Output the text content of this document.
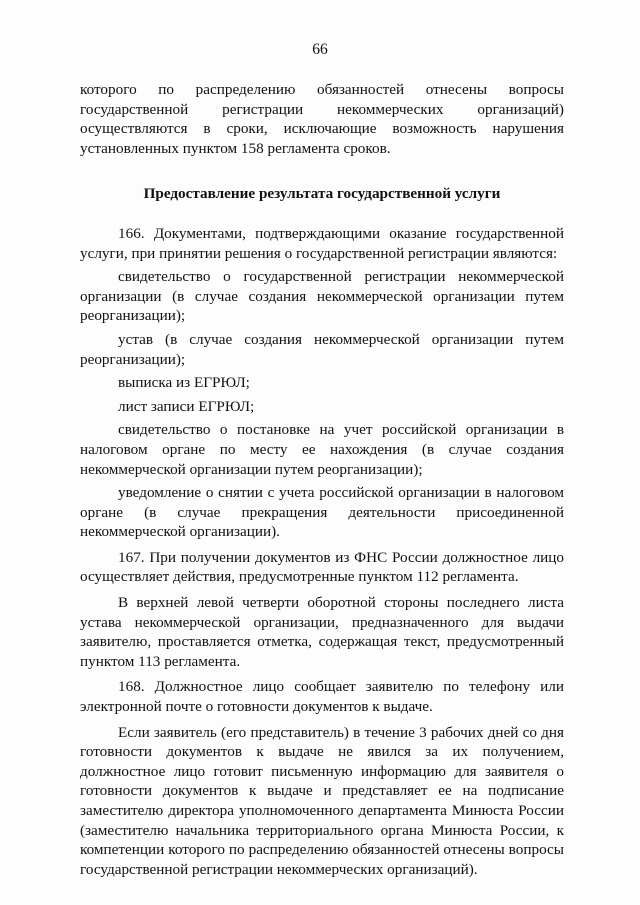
66

которого по распределению обязанностей отнесены вопросы государственной регистрации некоммерческих организаций) осуществляются в сроки, исключающие возможность нарушения установленных пунктом 158 регламента сроков.

Предоставление результата государственной услуги

166. Документами, подтверждающими оказание государственной услуги, при принятии решения о государственной регистрации являются:

свидетельство о государственной регистрации некоммерческой организации (в случае создания некоммерческой организации путем реорганизации);

устав (в случае создания некоммерческой организации путем реорганизации);

выписка из ЕГРЮЛ;

лист записи ЕГРЮЛ;

свидетельство о постановке на учет российской организации в налоговом органе по месту ее нахождения (в случае создания некоммерческой организации путем реорганизации);

уведомление о снятии с учета российской организации в налоговом органе (в случае прекращения деятельности присоединенной некоммерческой организации).

167. При получении документов из ФНС России должностное лицо осуществляет действия, предусмотренные пунктом 112 регламента.

В верхней левой четверти оборотной стороны последнего листа устава некоммерческой организации, предназначенного для выдачи заявителю, проставляется отметка, содержащая текст, предусмотренный пунктом 113 регламента.

168. Должностное лицо сообщает заявителю по телефону или электронной почте о готовности документов к выдаче.

Если заявитель (его представитель) в течение 3 рабочих дней со дня готовности документов к выдаче не явился за их получением, должностное лицо готовит письменную информацию для заявителя о готовности документов к выдаче и представляет ее на подписание заместителю директора уполномоченного департамента Минюста России (заместителю начальника территориального органа Минюста России, к компетенции которого по распределению обязанностей отнесены вопросы государственной регистрации некоммерческих организаций).
